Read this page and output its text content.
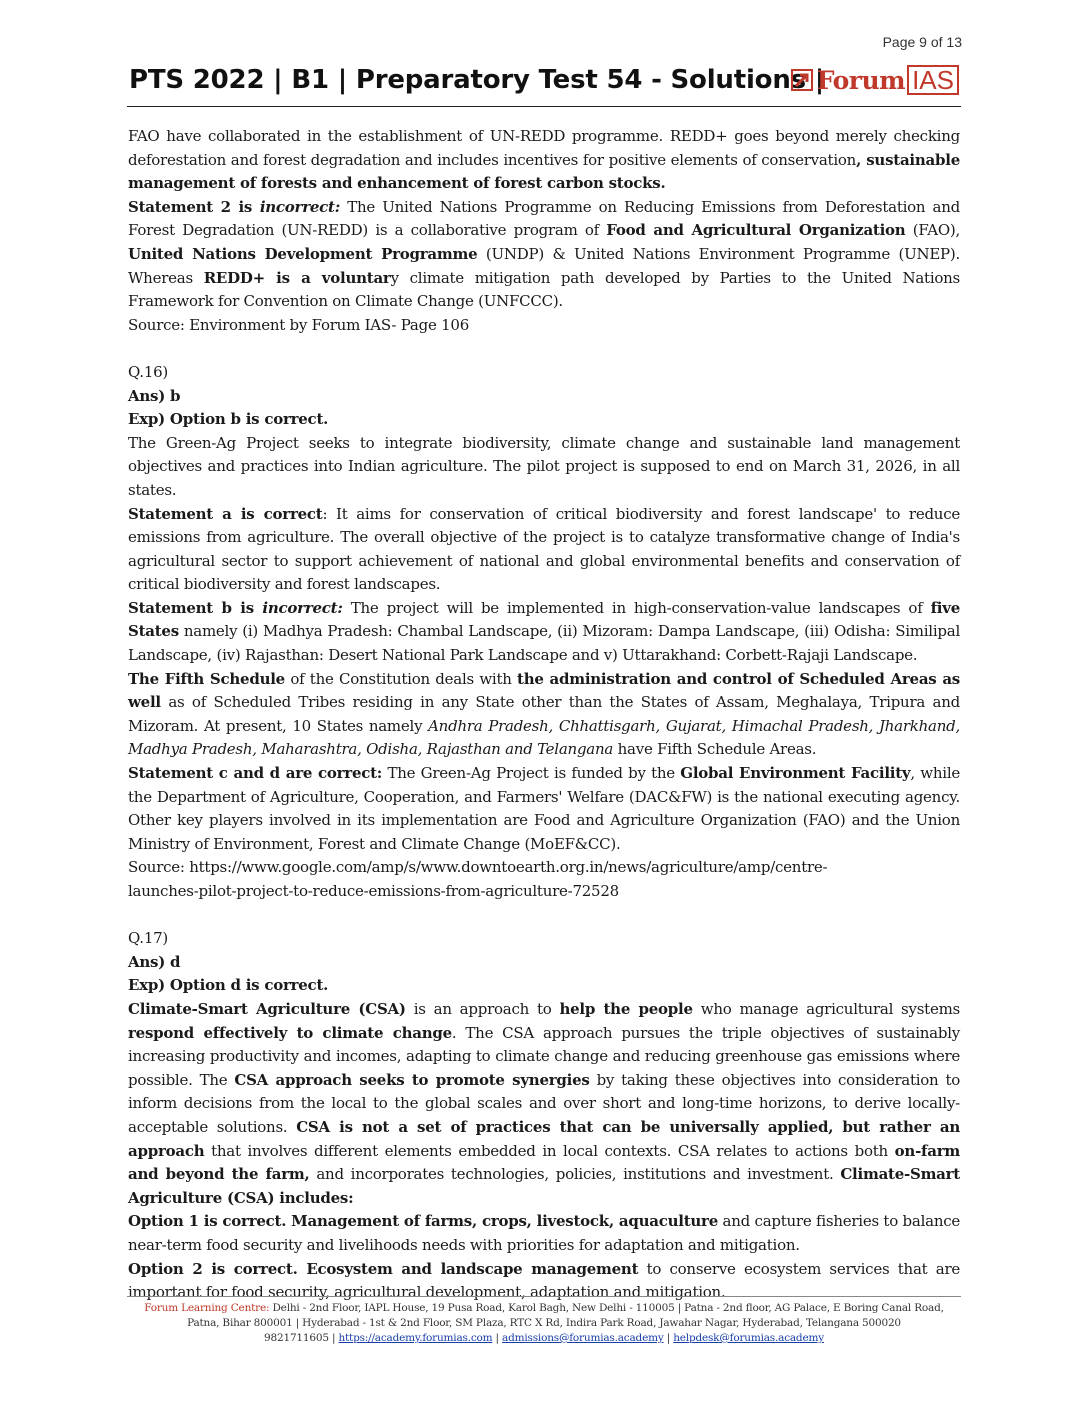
Page 9 of 13
PTS 2022 | B1 | Preparatory Test 54 - Solutions |
Forum IAS

FAO have collaborated in the establishment of UN-REDD programme. REDD+ goes beyond merely checking deforestation and forest degradation and includes incentives for positive elements of conservation, sustainable management of forests and enhancement of forest carbon stocks.

Statement 2 is incorrect: The United Nations Programme on Reducing Emissions from Deforestation and Forest Degradation (UN-REDD) is a collaborative program of Food and Agricultural Organization (FAO), United Nations Development Programme (UNDP) & United Nations Environment Programme (UNEP). Whereas REDD+ is a voluntary climate mitigation path developed by Parties to the United Nations Framework for Convention on Climate Change (UNFCCC).

Source: Environment by Forum IAS- Page 106

Q.16)

Ans) b

Exp) Option b is correct.

The Green-Ag Project seeks to integrate biodiversity, climate change and sustainable land management objectives and practices into Indian agriculture. The pilot project is supposed to end on March 31, 2026, in all states.

Statement a is correct: It aims for conservation of critical biodiversity and forest landscape' to reduce emissions from agriculture. The overall objective of the project is to catalyze transformative change of India's agricultural sector to support achievement of national and global environmental benefits and conservation of critical biodiversity and forest landscapes.

Statement b is incorrect: The project will be implemented in high-conservation-value landscapes of five States namely (i) Madhya Pradesh: Chambal Landscape, (ii) Mizoram: Dampa Landscape, (iii) Odisha: Similipal Landscape, (iv) Rajasthan: Desert National Park Landscape and v) Uttarakhand: Corbett-Rajaji Landscape.

The Fifth Schedule of the Constitution deals with the administration and control of Scheduled Areas as well as of Scheduled Tribes residing in any State other than the States of Assam, Meghalaya, Tripura and Mizoram. At present, 10 States namely Andhra Pradesh, Chhattisgarh, Gujarat, Himachal Pradesh, Jharkhand, Madhya Pradesh, Maharashtra, Odisha, Rajasthan and Telangana have Fifth Schedule Areas.

Statement c and d are correct: The Green-Ag Project is funded by the Global Environment Facility, while the Department of Agriculture, Cooperation, and Farmers' Welfare (DAC&FW) is the national executing agency. Other key players involved in its implementation are Food and Agriculture Organization (FAO) and the Union Ministry of Environment, Forest and Climate Change (MoEF&CC).

Source: https://www.google.com/amp/s/www.downtoearth.org.in/news/agriculture/amp/centre-

launches-pilot-project-to-reduce-emissions-from-agriculture-72528

Q.17)

Ans) d

Exp) Option d is correct.

Climate-Smart Agriculture (CSA) is an approach to help the people who manage agricultural systems respond effectively to climate change. The CSA approach pursues the triple objectives of sustainably increasing productivity and incomes, adapting to climate change and reducing greenhouse gas emissions where possible. The CSA approach seeks to promote synergies by taking these objectives into consideration to inform decisions from the local to the global scales and over short and long-time horizons, to derive locally-acceptable solutions. CSA is not a set of practices that can be universally applied, but rather an approach that involves different elements embedded in local contexts. CSA relates to actions both on-farm and beyond the farm, and incorporates technologies, policies, institutions and investment. Climate-Smart Agriculture (CSA) includes:

Option 1 is correct. Management of farms, crops, livestock, aquaculture and capture fisheries to balance near-term food security and livelihoods needs with priorities for adaptation and mitigation.

Option 2 is correct. Ecosystem and landscape management to conserve ecosystem services that are important for food security, agricultural development, adaptation and mitigation.

Forum Learning Centre: Delhi - 2nd Floor, IAPL House, 19 Pusa Road, Karol Bagh, New Delhi - 110005 | Patna - 2nd floor, AG Palace, E Boring Canal Road,
Patna, Bihar 800001 | Hyderabad - 1st & 2nd Floor, SM Plaza, RTC X Rd, Indira Park Road, Jawahar Nagar, Hyderabad, Telangana 500020
9821711605 | https://academy.forumias.com | admissions@forumias.academy | helpdesk@forumias.academy
